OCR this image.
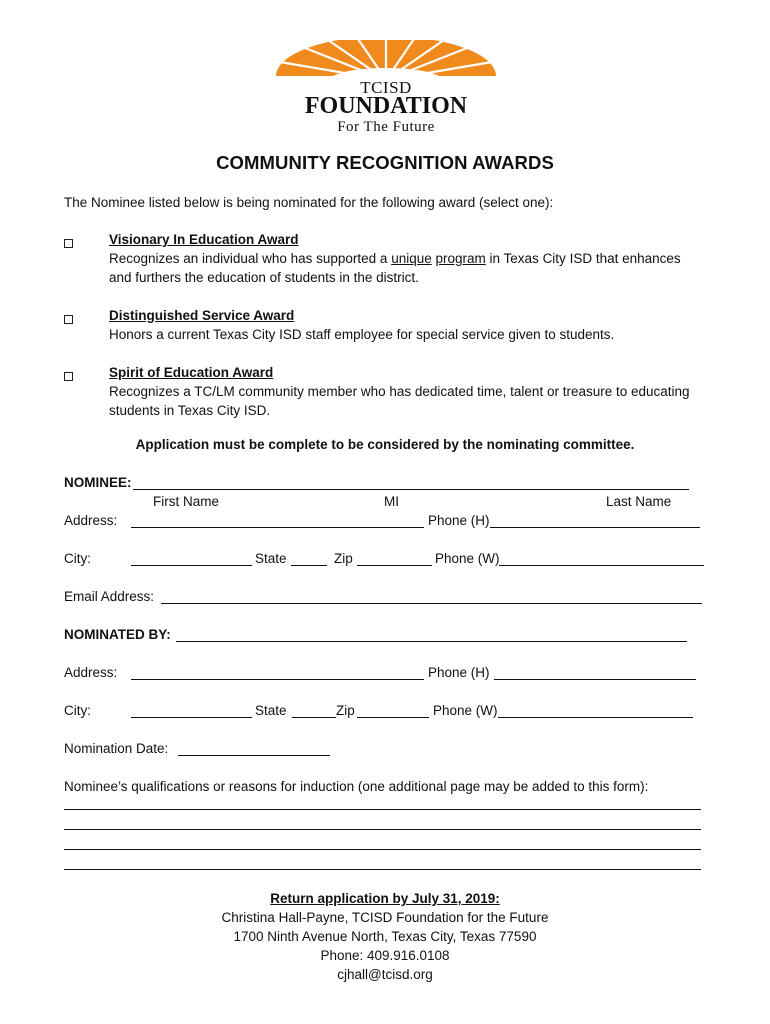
TCISD
FOUNDATION
For The Future
COMMUNITY RECOGNITION AWARDS
The Nominee listed below is being nominated for the following award (select one):
Visionary In Education Award
Recognizes an individual who has supported a unique program in Texas City ISD that enhances
and furthers the education of students in the district.
Distinguished Service Award
Honors a current Texas City ISD staff employee for special service given to students.
Spirit of Education Award
Recognizes a TC/LM community member who has dedicated time, talent or treasure to educating
students in Texas City ISD.
Application must be complete to be considered by the nominating committee.
NOMINEE:
First Name	MI	Last Name
Address:	Phone (H)
City:	State	Zip	Phone (W)
Email Address:
NOMINATED BY:
Address:	Phone (H)
City:	State	Zip	Phone (W)
Nomination Date:
Nominee’s qualifications or reasons for induction (one additional page may be added to this form):
Return application by July 31, 2019:
Christina Hall-Payne, TCISD Foundation for the Future
1700 Ninth Avenue North, Texas City, Texas 77590
Phone: 409.916.0108
cjhall@tcisd.org
